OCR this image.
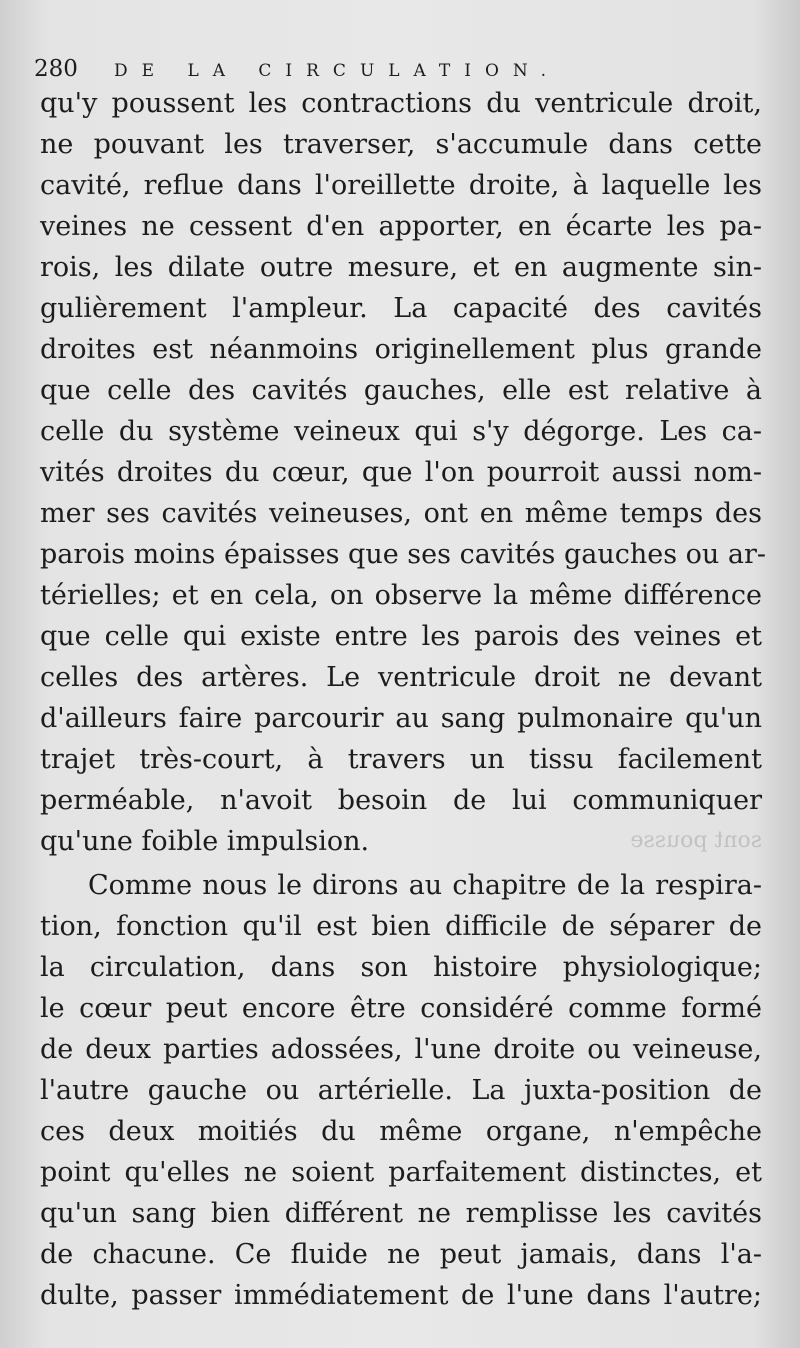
280 DE LA CIRCULATION.
sont pousse
qu'y poussent les contractions du ventricule droit,
ne pouvant les traverser, s'accumule dans cette
cavité, reflue dans l'oreillette droite, à laquelle les
veines ne cessent d'en apporter, en écarte les pa-
rois, les dilate outre mesure, et en augmente sin-
gulièrement l'ampleur. La capacité des cavités
droites est néanmoins originellement plus grande
que celle des cavités gauches, elle est relative à
celle du système veineux qui s'y dégorge. Les ca-
vités droites du cœur, que l'on pourroit aussi nom-
mer ses cavités veineuses, ont en même temps des
parois moins épaisses que ses cavités gauches ou ar-
térielles; et en cela, on observe la même différence
que celle qui existe entre les parois des veines et
celles des artères. Le ventricule droit ne devant
d'ailleurs faire parcourir au sang pulmonaire qu'un
trajet très-court, à travers un tissu facilement
perméable, n'avoit besoin de lui communiquer
qu'une foible impulsion.
Comme nous le dirons au chapitre de la respira-
tion, fonction qu'il est bien difficile de séparer de
la circulation, dans son histoire physiologique;
le cœur peut encore être considéré comme formé
de deux parties adossées, l'une droite ou veineuse,
l'autre gauche ou artérielle. La juxta-position de
ces deux moitiés du même organe, n'empêche
point qu'elles ne soient parfaitement distinctes, et
qu'un sang bien différent ne remplisse les cavités
de chacune. Ce fluide ne peut jamais, dans l'a-
dulte, passer immédiatement de l'une dans l'autre;
